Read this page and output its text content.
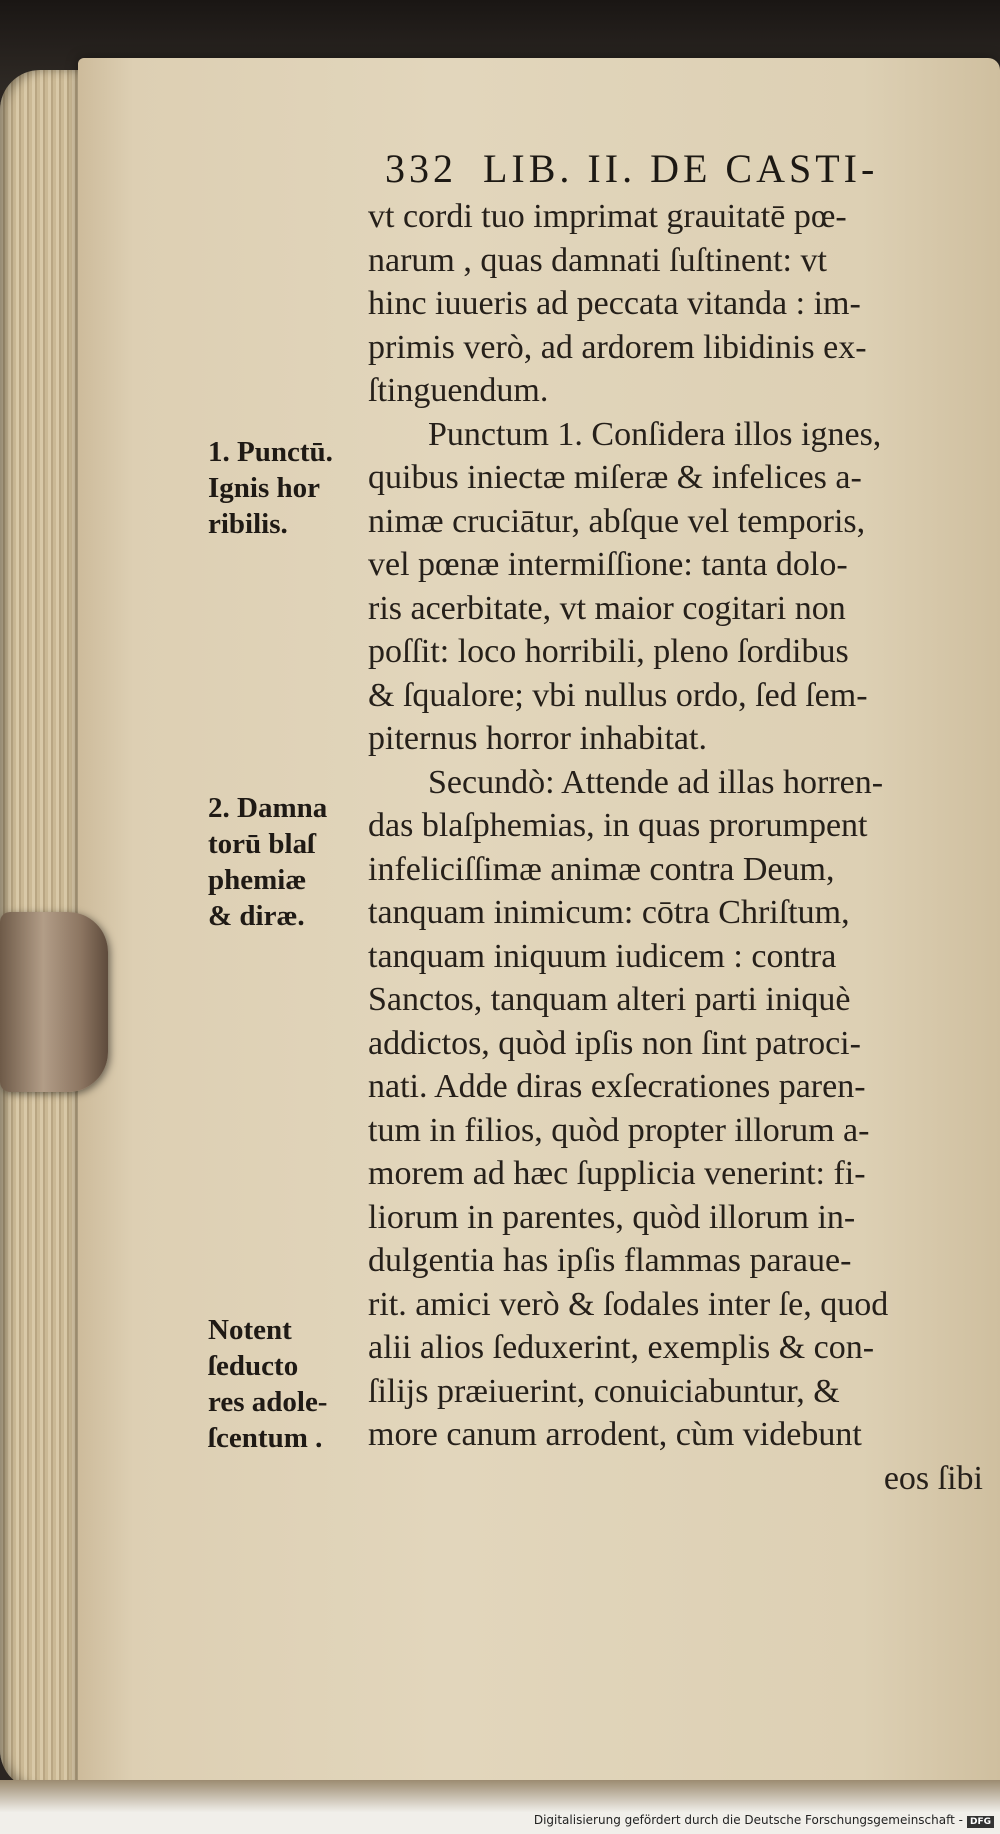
332 LIB. II. DE CASTI-
vt cordi tuo imprimat grauitatē pœ-
narum , quas damnati ſuſtinent: vt
hinc iuueris ad peccata vitanda : im-
primis verò, ad ardorem libidinis ex-
ſtinguendum.
Punctum 1. Conſidera illos ignes,
quibus iniectæ miſeræ & infelices a-
nimæ cruciātur, abſque vel temporis,
vel pœnæ intermiſſione: tanta dolo-
ris acerbitate, vt maior cogitari non
poſſit: loco horribili, pleno ſordibus
& ſqualore; vbi nullus ordo, ſed ſem-
piternus horror inhabitat.
Secundò: Attende ad illas horren-
das blaſphemias, in quas prorumpent
infeliciſſimæ animæ contra Deum,
tanquam inimicum: cōtra Chriſtum,
tanquam iniquum iudicem : contra
Sanctos, tanquam alteri parti iniquè
addictos, quòd ipſis non ſint patroci-
nati. Adde diras exſecrationes paren-
tum in filios, quòd propter illorum a-
morem ad hæc ſupplicia venerint: fi-
liorum in parentes, quòd illorum in-
dulgentia has ipſis flammas paraue-
rit. amici verò & ſodales inter ſe, quod
alii alios ſeduxerint, exemplis & con-
ſilijs præiuerint, conuiciabuntur, &
more canum arrodent, cùm videbunt
eos ſibi
1. Punctū.
Ignis hor
ribilis.
2. Damna
torū blaſ
phemiæ
& diræ.
Notent
ſeducto
res adole-
ſcentum .
Digitalisierung gefördert durch die Deutsche Forschungsgemeinschaft - DFG
